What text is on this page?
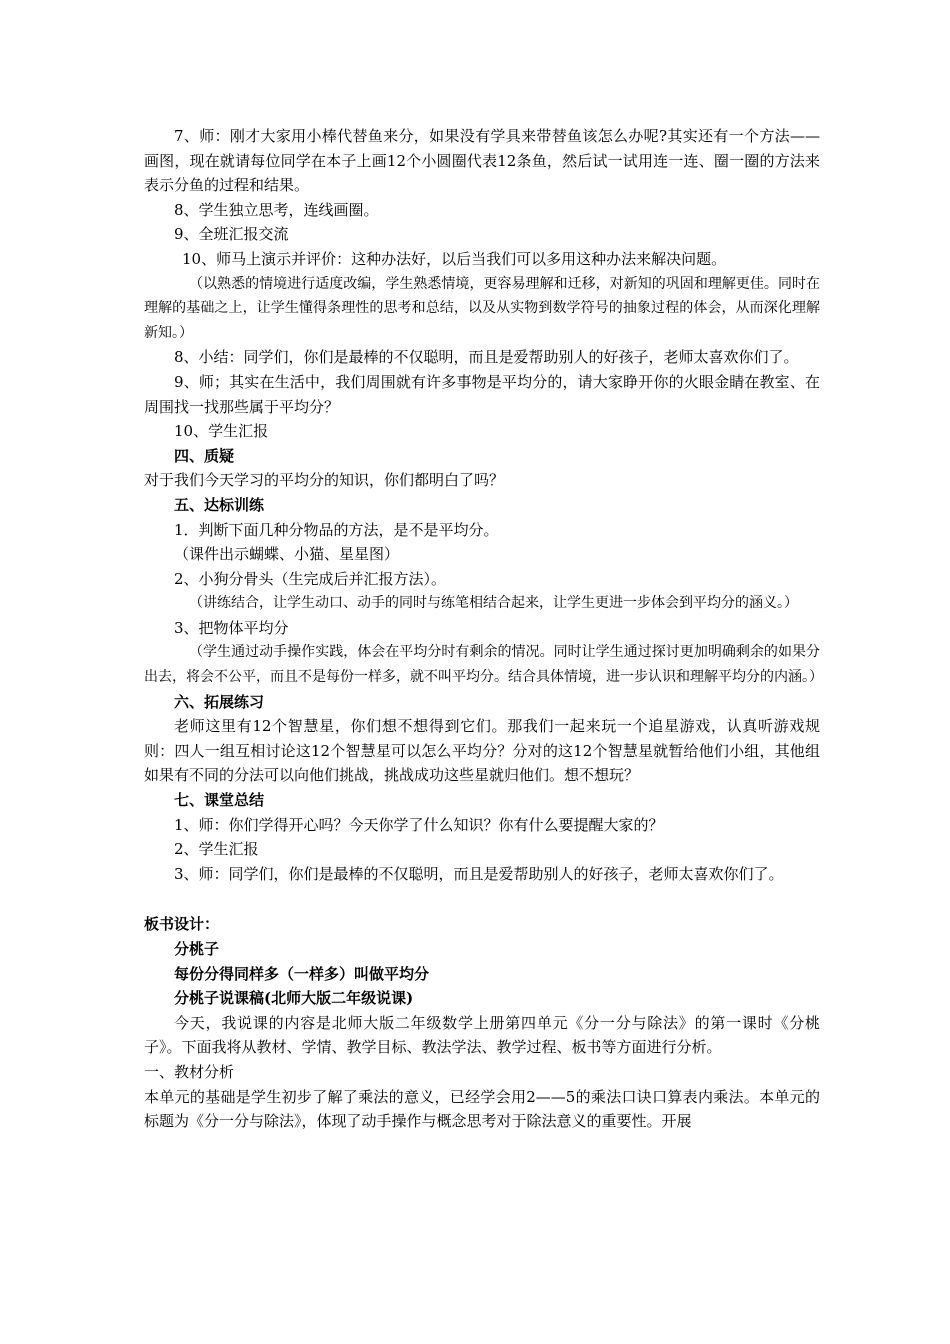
7、师：刚才大家用小棒代替鱼来分，如果没有学具来带替鱼该怎么办呢?其实还有一个方法——画图，现在就请每位同学在本子上画12个小圆圈代表12条鱼，然后试一试用连一连、圈一圈的方法来表示分鱼的过程和结果。

8、学生独立思考，连线画圈。

9、全班汇报交流

10、师马上演示并评价：这种办法好，以后当我们可以多用这种办法来解决问题。

（以熟悉的情境进行适度改编，学生熟悉情境，更容易理解和迁移，对新知的巩固和理解更佳。同时在理解的基础之上，让学生懂得条理性的思考和总结，以及从实物到数学符号的抽象过程的体会，从而深化理解新知。）

8、小结：同学们，你们是最棒的不仅聪明，而且是爱帮助别人的好孩子，老师太喜欢你们了。

9、师；其实在生活中，我们周围就有许多事物是平均分的，请大家睁开你的火眼金睛在教室、在周围找一找那些属于平均分？

10、学生汇报

四、质疑

对于我们今天学习的平均分的知识，你们都明白了吗？

五、达标训练

1．判断下面几种分物品的方法，是不是平均分。

（课件出示蝴蝶、小猫、星星图）

2、小狗分骨头（生完成后并汇报方法）。

（讲练结合，让学生动口、动手的同时与练笔相结合起来，让学生更进一步体会到平均分的涵义。）

3、把物体平均分

（学生通过动手操作实践，体会在平均分时有剩余的情况。同时让学生通过探讨更加明确剩余的如果分出去，将会不公平，而且不是每份一样多，就不叫平均分。结合具体情境，进一步认识和理解平均分的内涵。）

六、拓展练习

老师这里有12个智慧星，你们想不想得到它们。那我们一起来玩一个追星游戏，认真听游戏规则：四人一组互相讨论这12个智慧星可以怎么平均分？分对的这12个智慧星就暂给他们小组，其他组如果有不同的分法可以向他们挑战，挑战成功这些星就归他们。想不想玩？

七、课堂总结

1、师：你们学得开心吗？今天你学了什么知识？你有什么要提醒大家的？

2、学生汇报

3、师：同学们，你们是最棒的不仅聪明，而且是爱帮助别人的好孩子，老师太喜欢你们了。

板书设计：

分桃子

每份分得同样多（一样多）叫做平均分

分桃子说课稿(北师大版二年级说课)

今天，我说课的内容是北师大版二年级数学上册第四单元《分一分与除法》的第一课时《分桃子》。下面我将从教材、学情、教学目标、教法学法、教学过程、板书等方面进行分析。

一、教材分析

本单元的基础是学生初步了解了乘法的意义，已经学会用2——5的乘法口诀口算表内乘法。本单元的标题为《分一分与除法》，体现了动手操作与概念思考对于除法意义的重要性。开展
